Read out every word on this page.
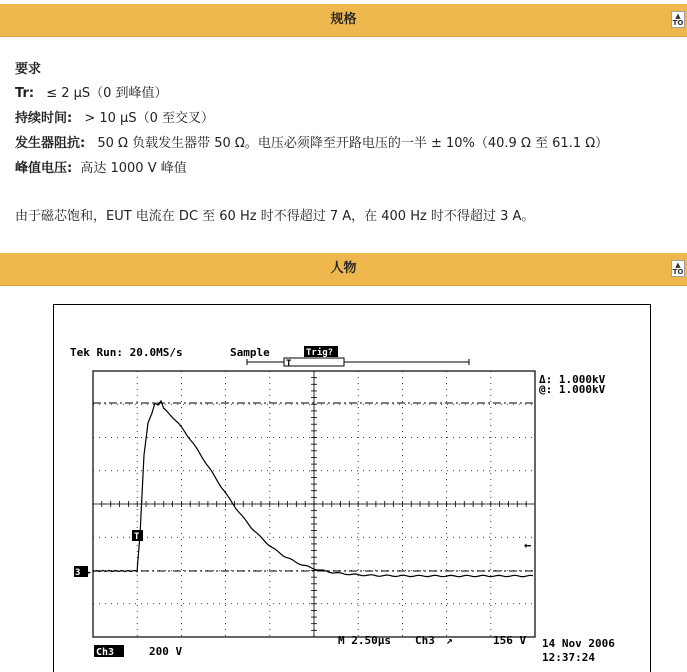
规格	▲
TO
要求
Tr: ≤ 2 µS（0 到峰值）
持续时间: > 10 µS（0 至交叉）
发生器阻抗: 50 Ω 负载发生器带 50 Ω。电压必须降至开路电压的一半 ± 10%（40.9 Ω 至 61.1 Ω）
峰值电压: 高达 1000 V 峰值
由于磁芯饱和，EUT 电流在 DC 至 60 Hz 时不得超过 7 A，在 400 Hz 时不得超过 3 A。
人物	▲
TO
Tek Run: 20.0MS/s	Sample	Trig?
T
Δ: 1.000kV
@: 1.000kV
←
3 ►
T
Ch3	200 V
M 2.50µs Ch3 ↗	156 V 14 Nov 2006
12:37:24
